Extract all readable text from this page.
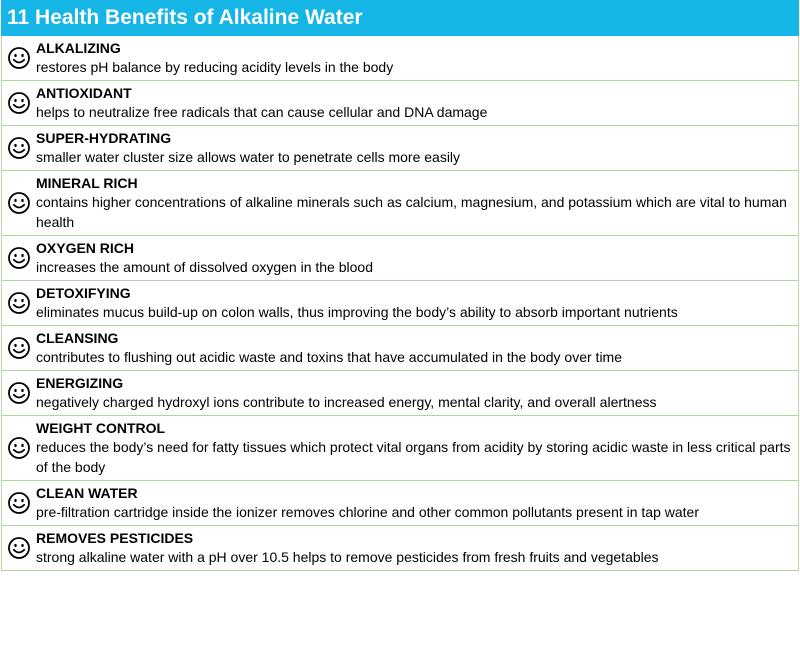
11 Health Benefits of Alkaline Water
ALKALIZING
restores pH balance by reducing acidity levels in the body
ANTIOXIDANT
helps to neutralize free radicals that can cause cellular and DNA damage
SUPER-HYDRATING
smaller water cluster size allows water to penetrate cells more easily
MINERAL RICH
contains higher concentrations of alkaline minerals such as calcium, magnesium, and potassium which are vital to human health
OXYGEN RICH
increases the amount of dissolved oxygen in the blood
DETOXIFYING
eliminates mucus build-up on colon walls, thus improving the body’s ability to absorb important nutrients
CLEANSING
contributes to flushing out acidic waste and toxins that have accumulated in the body over time
ENERGIZING
negatively charged hydroxyl ions contribute to increased energy, mental clarity, and overall alertness
WEIGHT CONTROL
reduces the body’s need for fatty tissues which protect vital organs from acidity by storing acidic waste in less critical parts of the body
CLEAN WATER
pre-filtration cartridge inside the ionizer removes chlorine and other common pollutants present in tap water
REMOVES PESTICIDES
strong alkaline water with a pH over 10.5 helps to remove pesticides from fresh fruits and vegetables
